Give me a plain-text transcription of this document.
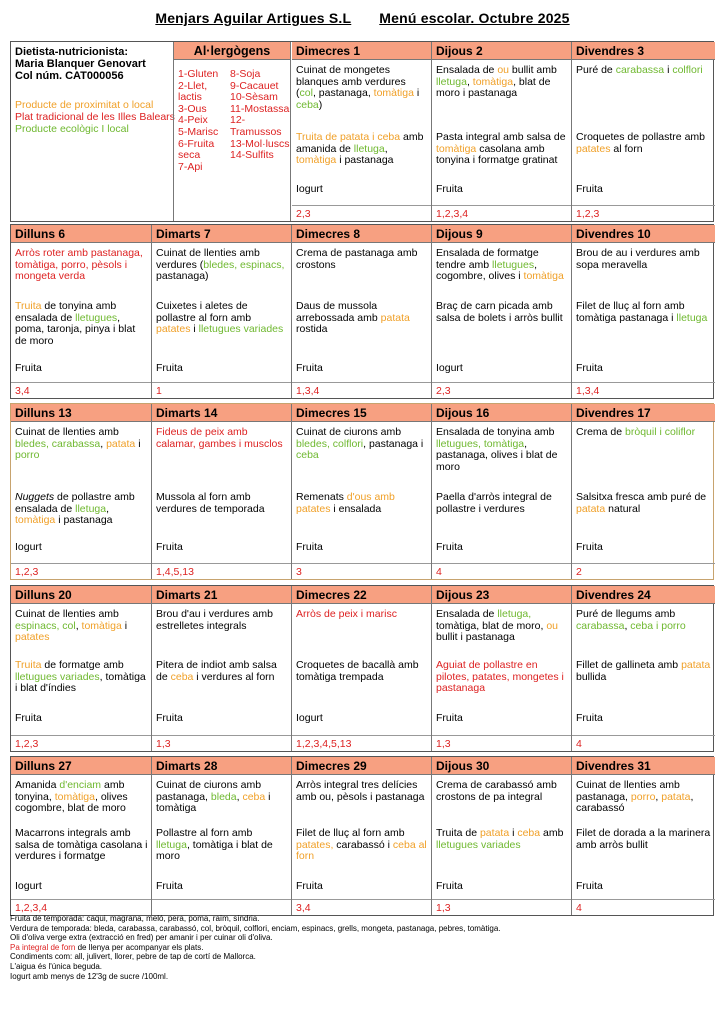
Menjars Aguilar Artigues S.L Menú escolar. Octubre 2025
Dilluns 6
Arròs roter amb pastanaga, tomàtiga, porro, pèsols i mongeta verda
Truita de tonyina amb ensalada de lletugues, poma, taronja, pinya i blat de moro
Fruita
3,4
Dimarts 7
Cuinat de llenties amb verdures (bledes, espinacs, pastanaga)
Cuixetes i aletes de pollastre al forn amb patates i lletugues variades
Fruita
1
Dimecres 8
Crema de pastanaga amb crostons
Daus de mussola arrebossada amb patata rostida
Fruita
1,3,4
Dijous 9
Ensalada de formatge tendre amb lletugues, cogombre, olives i tomàtiga
Braç de carn picada amb salsa de bolets i arròs bullit
Iogurt
2,3
Divendres 10
Brou de au i verdures amb sopa meravella
Filet de lluç al forn amb tomàtiga pastanaga i lletuga
Fruita
1,3,4
Dilluns 13
Cuinat de llenties amb bledes, carabassa, patata i porro
Nuggets de pollastre amb ensalada de lletuga, tomàtiga i pastanaga
Iogurt
1,2,3
Dimarts 14
Fideus de peix amb calamar, gambes i musclos
Mussola al forn amb verdures de temporada
Fruita
1,4,5,13
Dimecres 15
Cuinat de ciurons amb bledes, colflori, pastanaga i ceba
Remenats d'ous amb patates i ensalada
Fruita
3
Dijous 16
Ensalada de tonyina amb lletugues, tomàtiga, pastanaga, olives i blat de moro
Paella d'arròs integral de pollastre i verdures
Fruita
4
Divendres 17
Crema de bròquil i coliflor
Salsitxa fresca amb puré de patata natural
Fruita
2
Dilluns 20
Cuinat de llenties amb espinacs, col, tomàtiga i patates
Truita de formatge amb lletugues variades, tomàtiga i blat d'índies
Fruita
1,2,3
Dimarts 21
Brou d'au i verdures amb estrelletes integrals
Pitera de indiot amb salsa de ceba i verdures al forn
Fruita
1,3
Dimecres 22
Arròs de peix i marisc
Croquetes de bacallà amb tomàtiga trempada
Iogurt
1,2,3,4,5,13
Dijous 23
Ensalada de lletuga, tomàtiga, blat de moro, ou bullit i pastanaga
Aguiat de pollastre en pilotes, patates, mongetes i pastanaga
Fruita
1,3
Divendres 24
Puré de llegums amb carabassa, ceba i porro
Fillet de gallineta amb patata bullida
Fruita
4
Dilluns 27
Amanida d'enciam amb tonyina, tomàtiga, olives cogombre, blat de moro
Macarrons integrals amb salsa de tomàtiga casolana i verdures i formatge
Iogurt
1,2,3,4
Dimarts 28
Cuinat de ciurons amb pastanaga, bleda, ceba i tomàtiga
Pollastre al forn amb lletuga, tomàtiga i blat de moro
Fruita
Dimecres 29
Arròs integral tres delícies amb ou, pèsols i pastanaga
Filet de lluç al forn amb patates, carabassó i ceba al forn
Fruita
3,4
Dijous 30
Crema de carabassó amb crostons de pa integral
Truita de patata i ceba amb lletugues variades
Fruita
1,3
Divendres 31
Cuinat de llenties amb pastanaga, porro, patata, carabassó
Filet de dorada a la marinera amb arròs bullit
Fruita
4
Dietista-nutricionista:
Maria Blanquer Genovart
Col núm. CAT000056
Producte de proximitat o local
Plat tradicional de les Illes Balears
Producte ecològic I local
Al·lergògens
1-Gluten
2-Llet, lactis
3-Ous
4-Peix
5-Marisc
6-Fruita seca
7-Api
8-Soja
9-Cacauet
10-Sèsam
11-Mostassa
12-Tramussos
13-Mol·luscs
14-Sulfits
Dimecres 1
Cuinat de mongetes blanques amb verdures (col, pastanaga, tomàtiga i ceba)
Truita de patata i ceba amb amanida de lletuga, tomàtiga i pastanaga
Iogurt
2,3
Dijous 2
Ensalada de ou bullit amb lletuga, tomàtiga, blat de moro i pastanaga
Pasta integral amb salsa de tomàtiga casolana amb tonyina i formatge gratinat
Fruita
1,2,3,4
Divendres 3
Puré de carabassa i colflori
Croquetes de pollastre amb patates al forn
Fruita
1,2,3
Fruita de temporada: caqui, magrana, meló, pera, poma, raïm, síndria.
Verdura de temporada: bleda, carabassa, carabassó, col, bròquil, colflori, enciam, espinacs, grells, mongeta, pastanaga, pebres, tomàtiga.
Oli d'oliva verge extra (extracció en fred) per amanir i per cuinar oli d'oliva.
Pa integral de forn de llenya per acompanyar els plats.
Condiments com: all, julivert, llorer, pebre de tap de cortí de Mallorca.
L'aigua és l'única beguda.
Iogurt amb menys de 12'3g de sucre /100ml.
